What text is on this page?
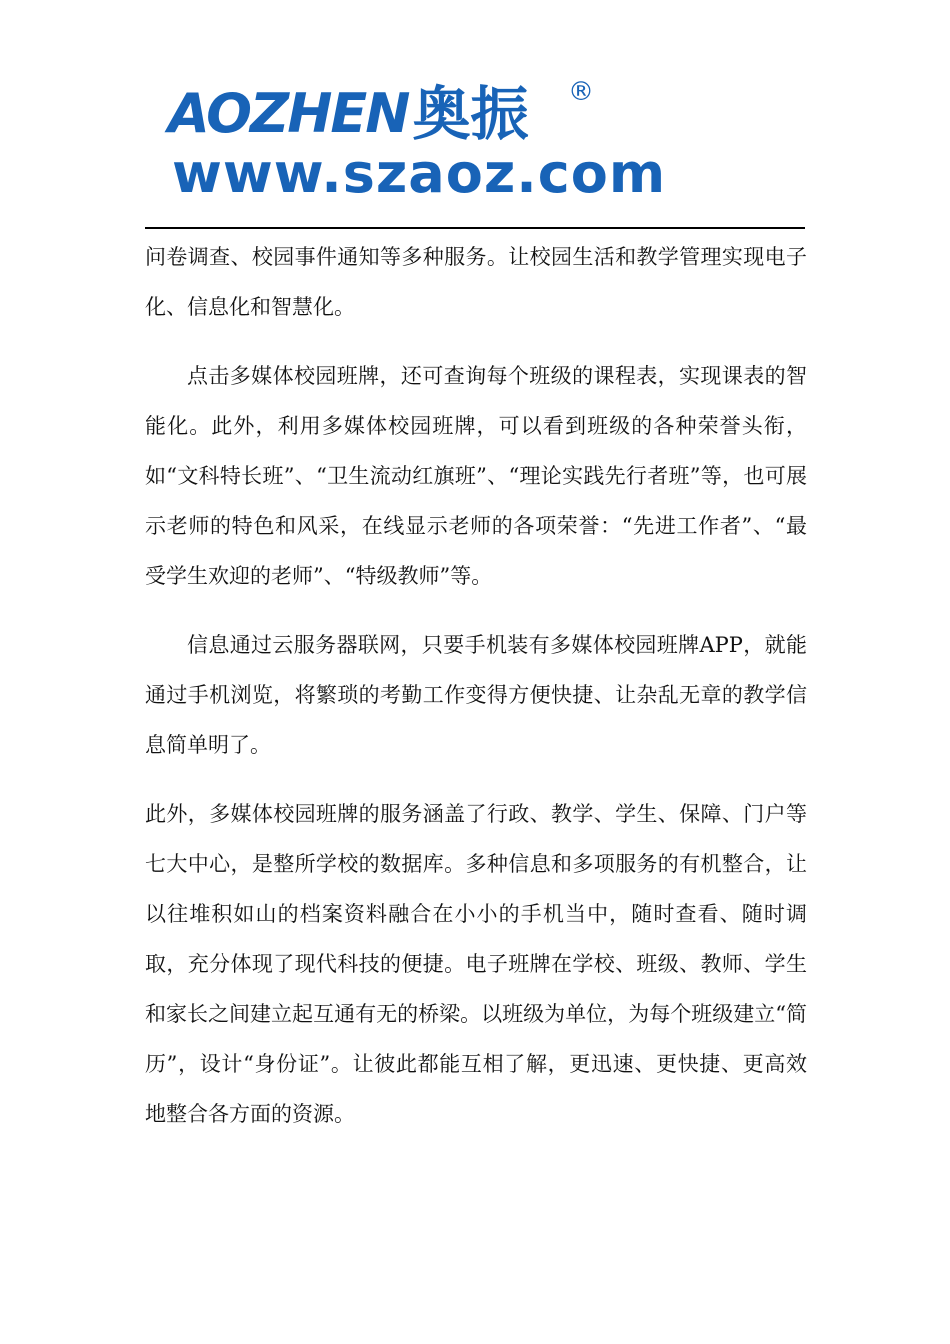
AOZHEN奥振 ®
www.szaoz.com

问卷调查、校园事件通知等多种服务。让校园生活和教学管理实现电子化、信息化和智慧化。

点击多媒体校园班牌，还可查询每个班级的课程表，实现课表的智能化。此外，利用多媒体校园班牌，可以看到班级的各种荣誉头衔，如“文科特长班”、“卫生流动红旗班”、“理论实践先行者班”等，也可展示老师的特色和风采，在线显示老师的各项荣誉：“先进工作者”、“最受学生欢迎的老师”、“特级教师”等。

信息通过云服务器联网，只要手机装有多媒体校园班牌APP，就能通过手机浏览，将繁琐的考勤工作变得方便快捷、让杂乱无章的教学信息简单明了。

此外，多媒体校园班牌的服务涵盖了行政、教学、学生、保障、门户等七大中心，是整所学校的数据库。多种信息和多项服务的有机整合，让以往堆积如山的档案资料融合在小小的手机当中，随时查看、随时调取，充分体现了现代科技的便捷。电子班牌在学校、班级、教师、学生和家长之间建立起互通有无的桥梁。以班级为单位，为每个班级建立“简历”，设计“身份证”。让彼此都能互相了解，更迅速、更快捷、更高效地整合各方面的资源。
